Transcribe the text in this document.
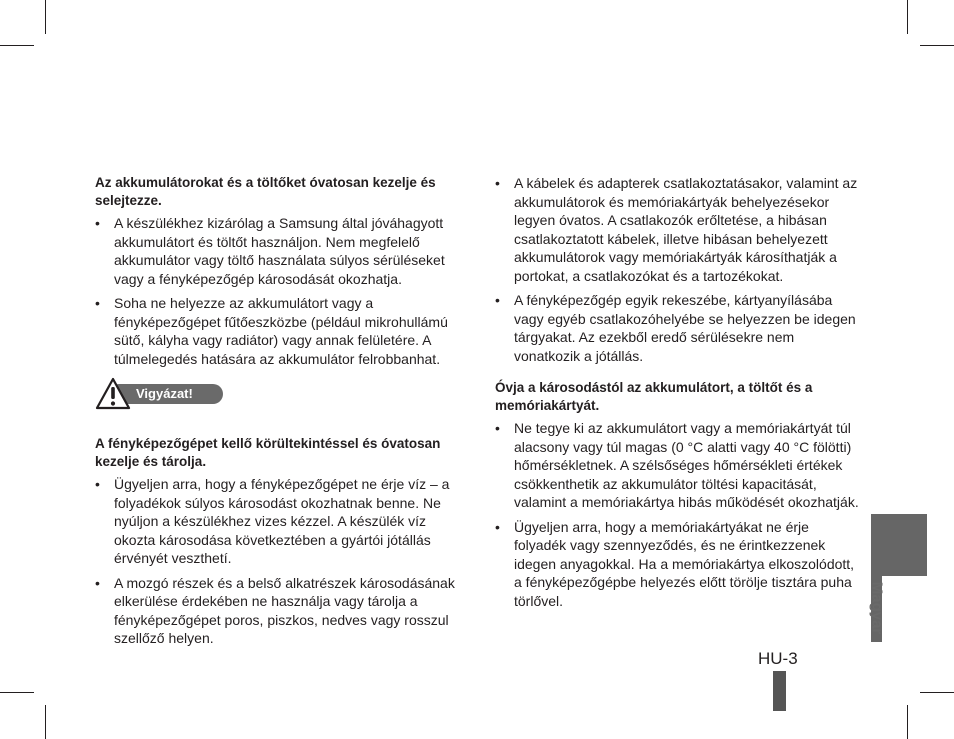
Az akkumulátorokat és a töltőket óvatosan kezelje és selejtezze.
• A készülékhez kizárólag a Samsung által jóváhagyott akkumulátort és töltőt használjon. Nem megfelelő akkumulátor vagy töltő használata súlyos sérüléseket vagy a fényképezőgép károsodását okozhatja.
• Soha ne helyezze az akkumulátort vagy a fényképezőgépet fűtőeszközbe (például mikrohullámú sütő, kályha vagy radiátor) vagy annak felületére. A túlmelegedés hatására az akkumulátor felrobbanhat.
Vigyázat!
A fényképezőgépet kellő körültekintéssel és óvatosan kezelje és tárolja.
• Ügyeljen arra, hogy a fényképezőgépet ne érje víz – a folyadékok súlyos károsodást okozhatnak benne. Ne nyúljon a készülékhez vizes kézzel. A készülék víz okozta károsodása következtében a gyártói jótállás érvényét veszthetí.
• A mozgó részek és a belső alkatrészek károsodásának elkerülése érdekében ne használja vagy tárolja a fényképezőgépet poros, piszkos, nedves vagy rosszul szellőző helyen.
• A kábelek és adapterek csatlakoztatásakor, valamint az akkumulátorok és memóriakártyák behelyezésekor legyen óvatos. A csatlakozók erőltetése, a hibásan csatlakoztatott kábelek, illetve hibásan behelyezett akkumulátorok vagy memóriakártyák károsíthatják a portokat, a csatlakozókat és a tartozékokat.
• A fényképezőgép egyik rekeszébe, kártyanyílásába vagy egyéb csatlakozóhelyébe se helyezzen be idegen tárgyakat. Az ezekből eredő sérülésekre nem vonatkozik a jótállás.
Óvja a károsodástól az akkumulátort, a töltőt és a memóriakártyát.
• Ne tegye ki az akkumulátort vagy a memóriakártyát túl alacsony vagy túl magas (0 °C alatti vagy 40 °C fölötti) hőmérsékletnek. A szélsőséges hőmérsékleti értékek csökkenthetik az akkumulátor töltési kapacitását, valamint a memóriakártya hibás működését okozhatják.
• Ügyeljen arra, hogy a memóriakártyákat ne érje folyadék vagy szennyeződés, és ne érintkezzenek idegen anyagokkal. Ha a memóriakártya elkoszolódott, a fényképezőgépbe helyezés előtt törölje tisztára puha törlővel.	Magyar
HU-3
